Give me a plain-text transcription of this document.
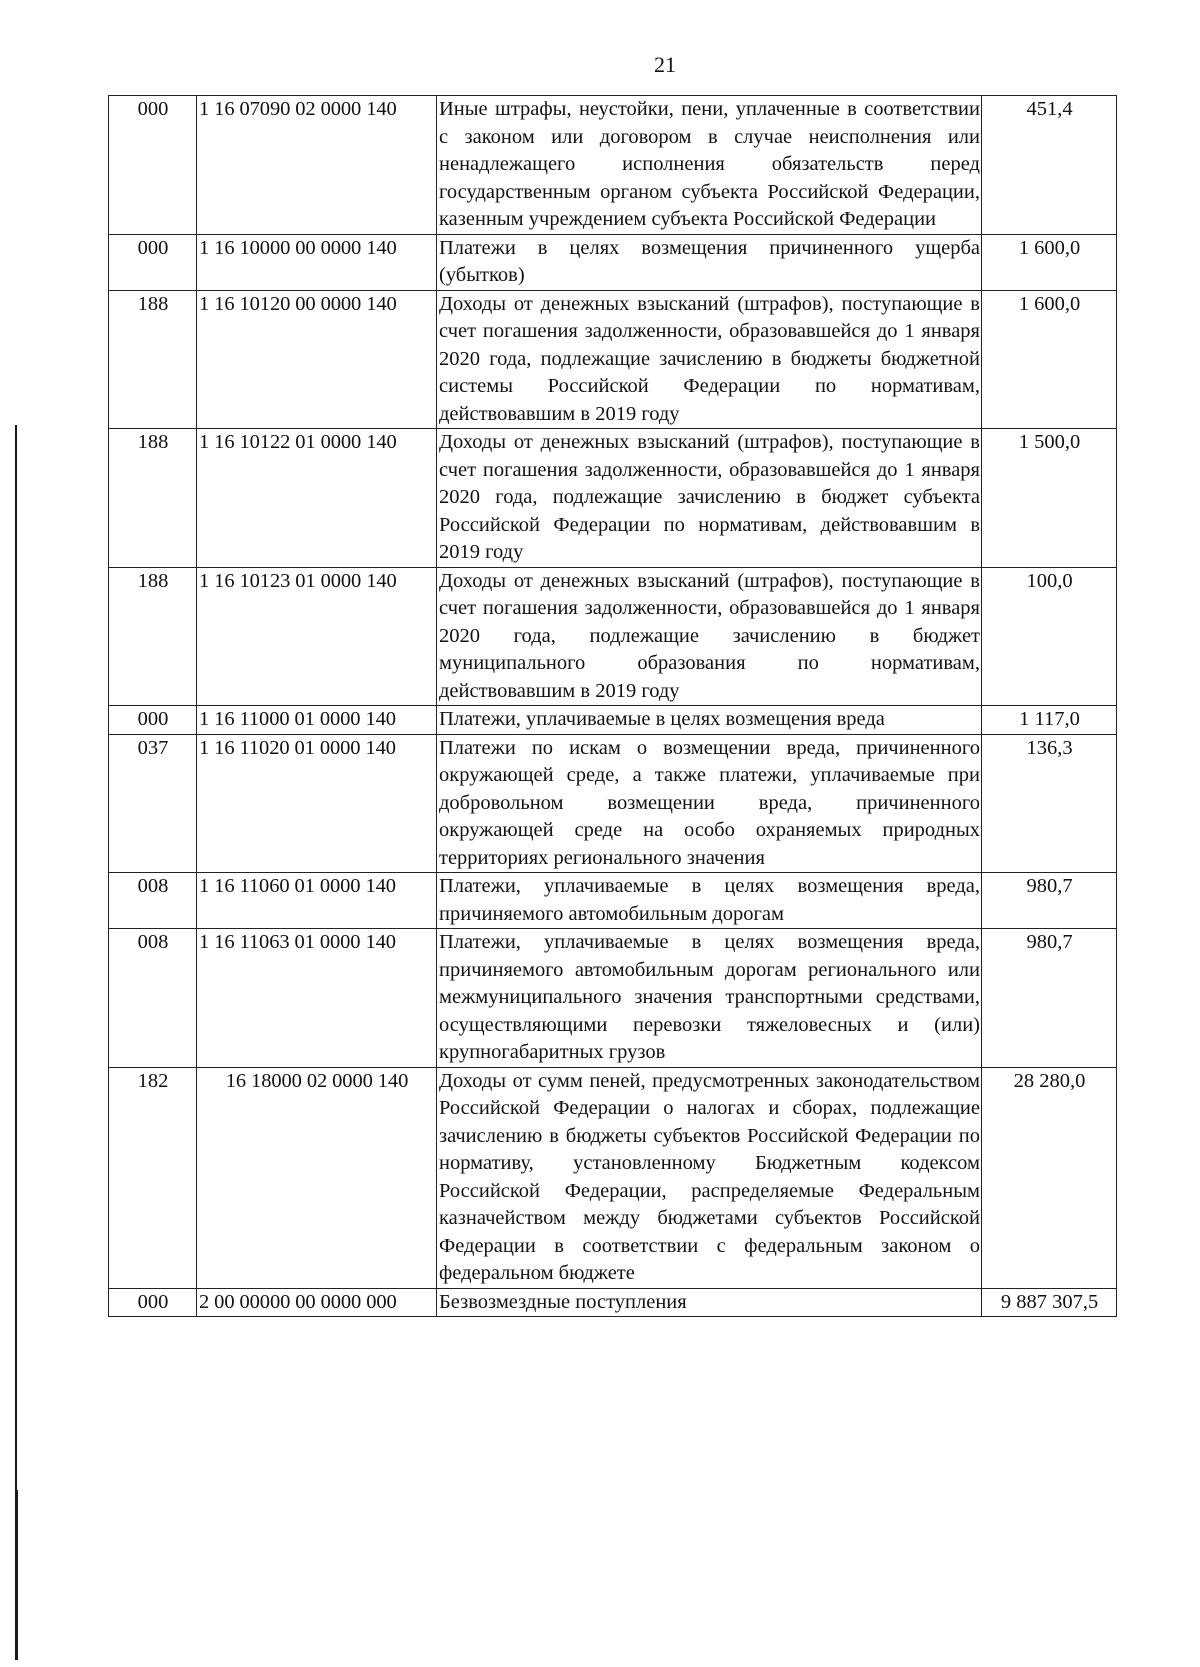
21
000	1 16 07090 02 0000 140	Иные штрафы, неустойки, пени, уплаченные в соответствии с законом или договором в случае неисполнения или ненадлежащего исполнения обязательств перед государственным органом субъекта Российской Федерации, казенным учреждением субъекта Российской Федерации	451,4
000	1 16 10000 00 0000 140	Платежи в целях возмещения причиненного ущерба (убытков)	1 600,0
188	1 16 10120 00 0000 140	Доходы от денежных взысканий (штрафов), поступающие в счет погашения задолженности, образовавшейся до 1 января 2020 года, подлежащие зачислению в бюджеты бюджетной системы Российской Федерации по нормативам, действовавшим в 2019 году	1 600,0
188	1 16 10122 01 0000 140	Доходы от денежных взысканий (штрафов), поступающие в счет погашения задолженности, образовавшейся до 1 января 2020 года, подлежащие зачислению в бюджет субъекта Российской Федерации по нормативам, действовавшим в 2019 году	1 500,0
188	1 16 10123 01 0000 140	Доходы от денежных взысканий (штрафов), поступающие в счет погашения задолженности, образовавшейся до 1 января 2020 года, подлежащие зачислению в бюджет муниципального образования по нормативам, действовавшим в 2019 году	100,0
000	1 16 11000 01 0000 140	Платежи, уплачиваемые в целях возмещения вреда	1 117,0
037	1 16 11020 01 0000 140	Платежи по искам о возмещении вреда, причиненного окружающей среде, а также платежи, уплачиваемые при добровольном возмещении вреда, причиненного окружающей среде на особо охраняемых природных территориях регионального значения	136,3
008	1 16 11060 01 0000 140	Платежи, уплачиваемые в целях возмещения вреда, причиняемого автомобильным дорогам	980,7
008	1 16 11063 01 0000 140	Платежи, уплачиваемые в целях возмещения вреда, причиняемого автомобильным дорогам регионального или межмуниципального значения транспортными средствами, осуществляющими перевозки тяжеловесных и (или) крупногабаритных грузов	980,7
182	16 18000 02 0000 140	Доходы от сумм пеней, предусмотренных законодательством Российской Федерации о налогах и сборах, подлежащие зачислению в бюджеты субъектов Российской Федерации по нормативу, установленному Бюджетным кодексом Российской Федерации, распределяемые Федеральным казначейством между бюджетами субъектов Российской Федерации в соответствии с федеральным законом о федеральном бюджете	28 280,0
000	2 00 00000 00 0000 000	Безвозмездные поступления	9 887 307,5
